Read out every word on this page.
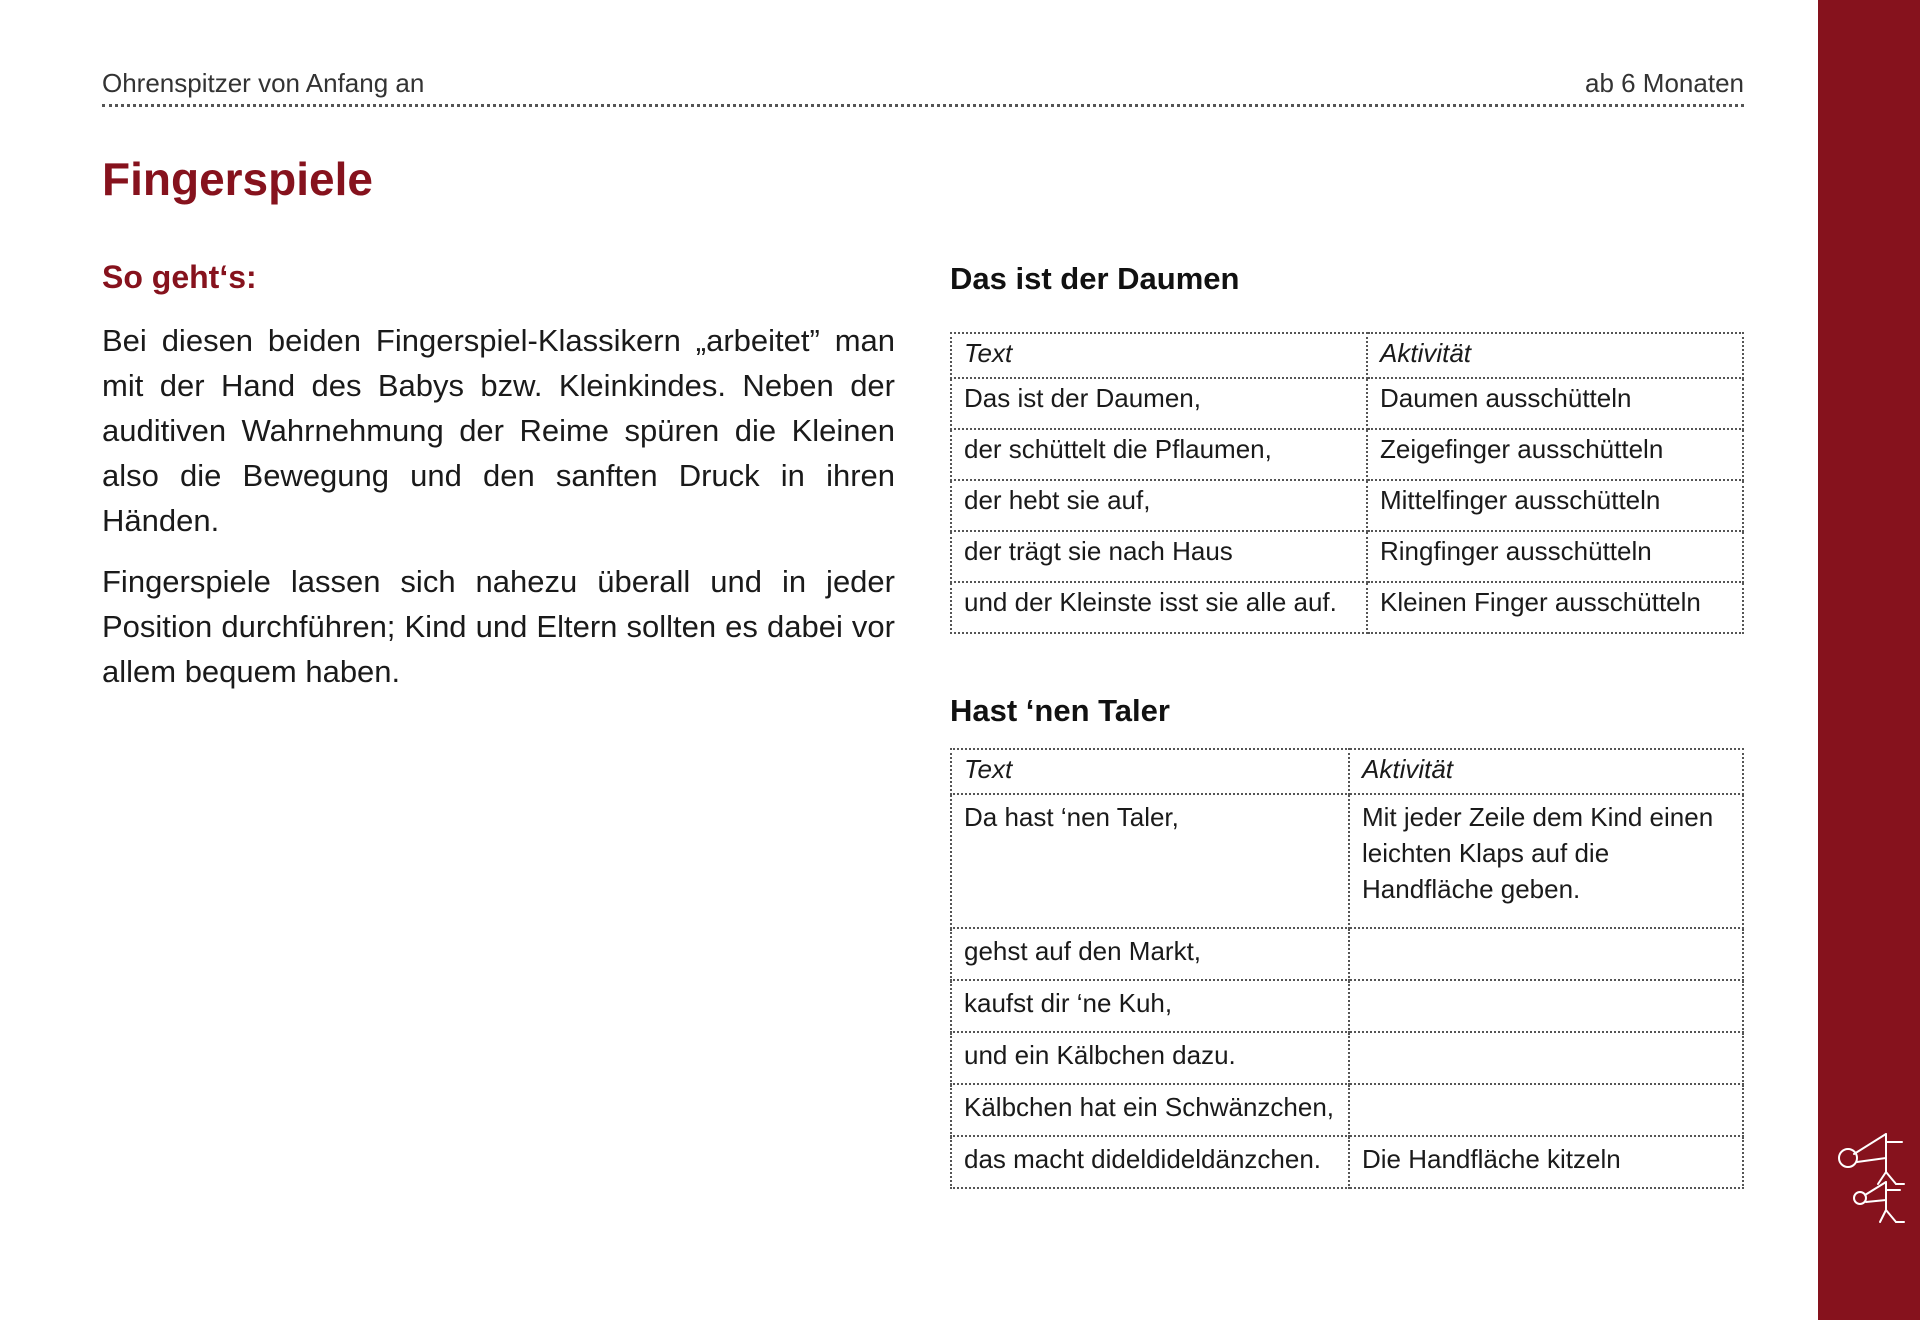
Ohrenspitzer von Anfang an	ab 6 Monaten
Fingerspiele
So geht‘s:

Bei diesen beiden Fingerspiel-Klassikern „arbeitet” man mit der Hand des Babys bzw. Kleinkindes. Neben der auditiven Wahrnehmung der Reime spüren die Kleinen also die Bewegung und den sanften Druck in ihren Händen.

Fingerspiele lassen sich nahezu überall und in jeder Position durchführen; Kind und Eltern sollten es dabei vor allem bequem haben.

Das ist der Daumen
Text	Aktivität
Das ist der Daumen,	Daumen ausschütteln
der schüttelt die Pflaumen,	Zeigefinger ausschütteln
der hebt sie auf,	Mittelfinger ausschütteln
der trägt sie nach Haus	Ringfinger ausschütteln
und der Kleinste isst sie alle auf.	Kleinen Finger ausschütteln
Hast ‘nen Taler
Text	Aktivität
Da hast ‘nen Taler,	Mit jeder Zeile dem Kind einen leichten Klaps auf die Handfläche geben.
gehst auf den Markt,	
kaufst dir ‘ne Kuh,	
und ein Kälbchen dazu.	
Kälbchen hat ein Schwänzchen,	
das macht dideldideldänzchen.	Die Handfläche kitzeln
